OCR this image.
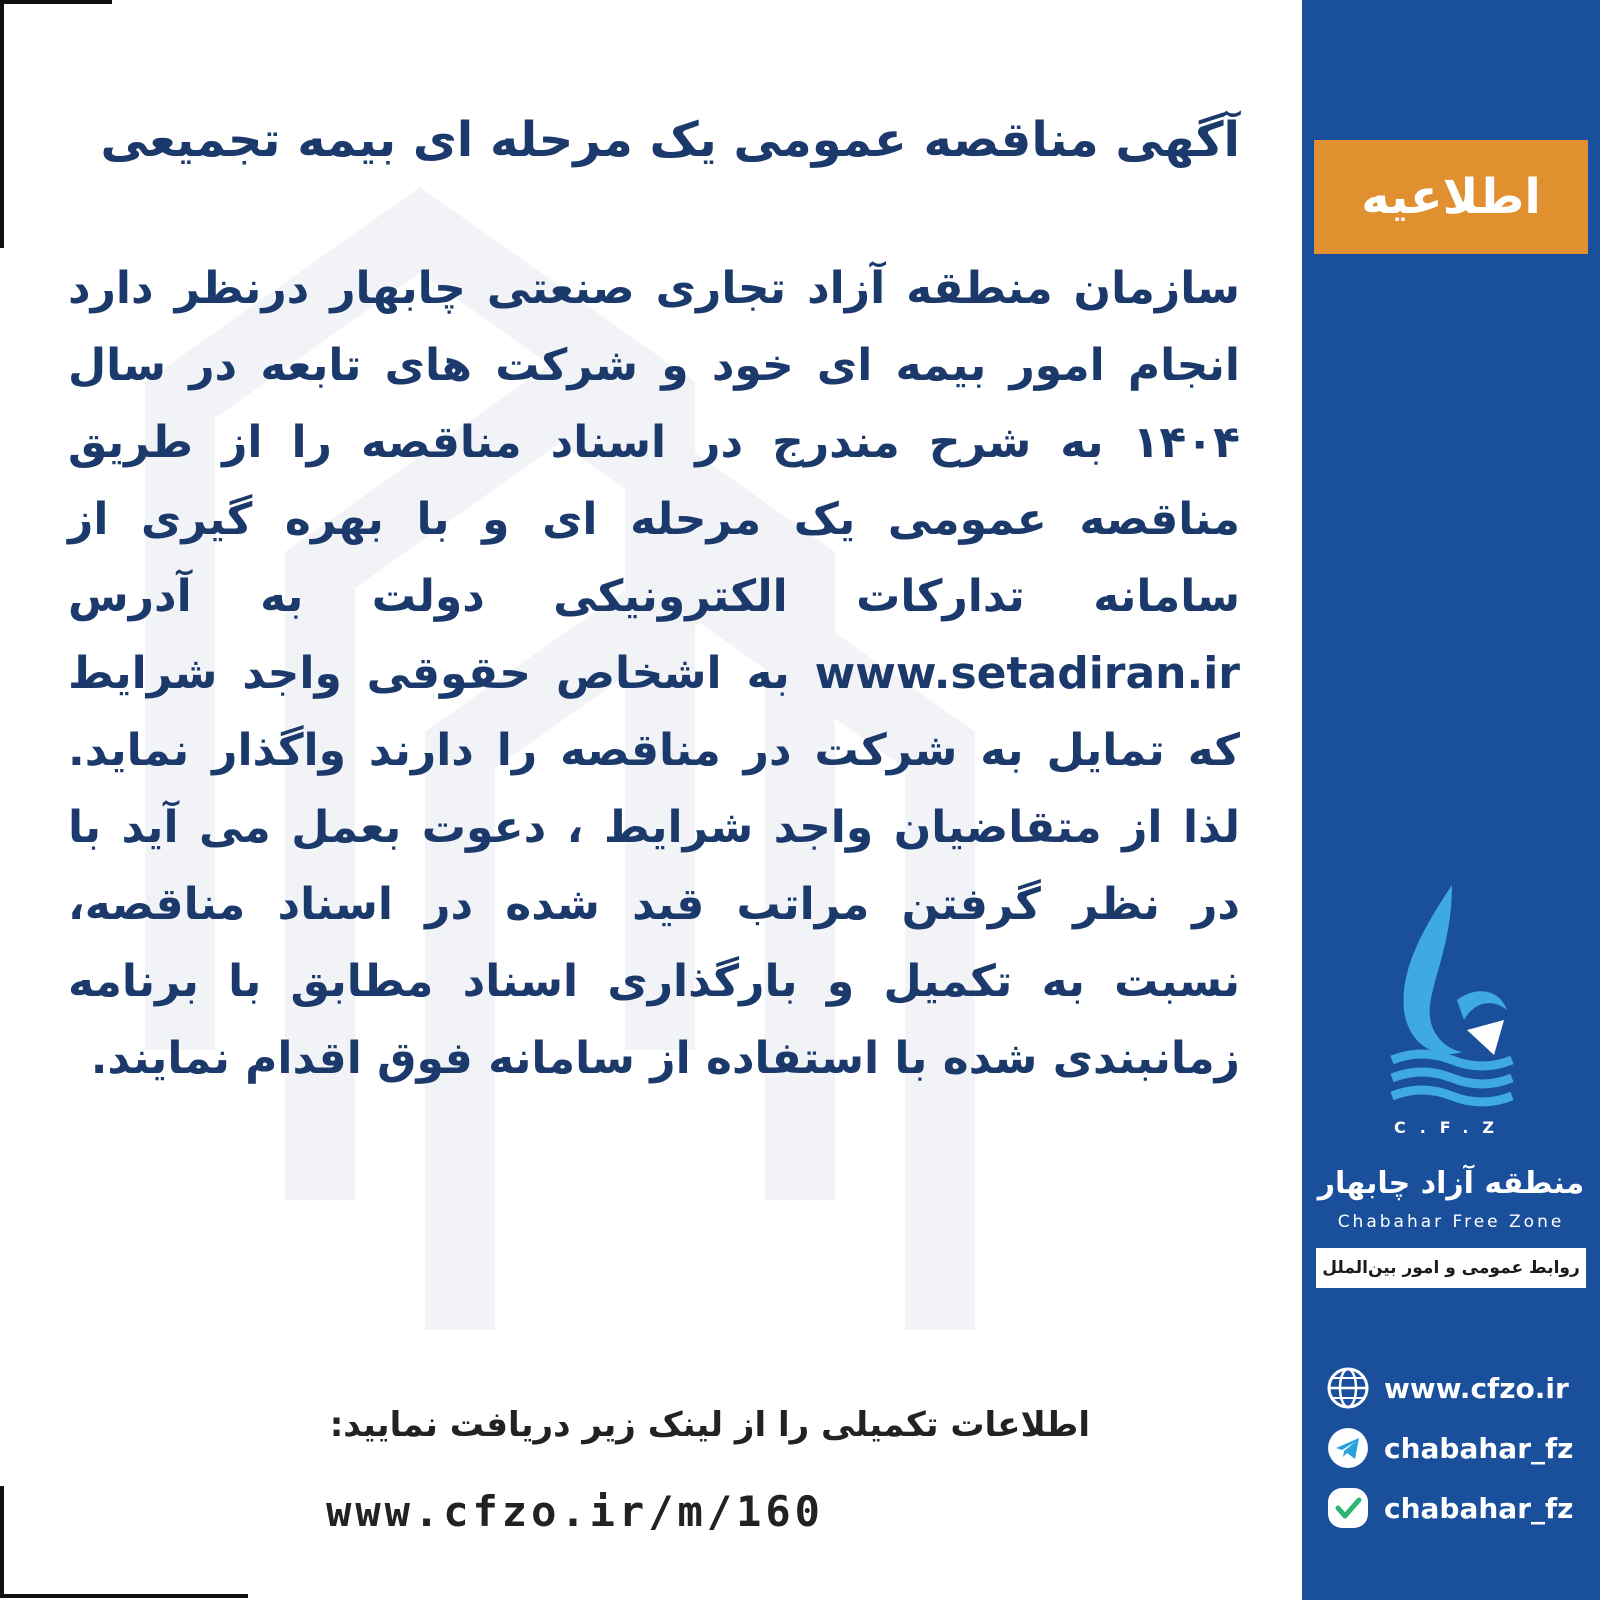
آگهی مناقصه عمومی یک مرحله ای بیمه تجمیعی
سازمان منطقه آزاد تجاری صنعتی چابهار درنظر دارد انجام امور بیمه ای خود و شرکت های تابعه در سال ۱۴۰۴ به شرح مندرج در اسناد مناقصه را از طریق مناقصه عمومی یک مرحله ای و با بهره گیری از سامانه تدارکات الکترونیکی دولت به آدرس www.setadiran.ir به اشخاص حقوقی واجد شرایط که تمایل به شرکت در مناقصه را دارند واگذار نماید. لذا از متقاضیان واجد شرایط ، دعوت بعمل می آید با در نظر گرفتن مراتب قید شده در اسناد مناقصه، نسبت به تکمیل و بارگذاری اسناد مطابق با برنامه زمانبندی شده با استفاده از سامانه فوق اقدام نمایند.
اطلاعات تکمیلی را از لینک زیر دریافت نمایید:
www.cfzo.ir/m/160
اطلاعیه
C.F.Z
منطقه آزاد چابهار
Chabahar Free Zone
روابط عمومی و امور بین‌الملل
www.cfzo.ir
chabahar_fz
chabahar_fz
